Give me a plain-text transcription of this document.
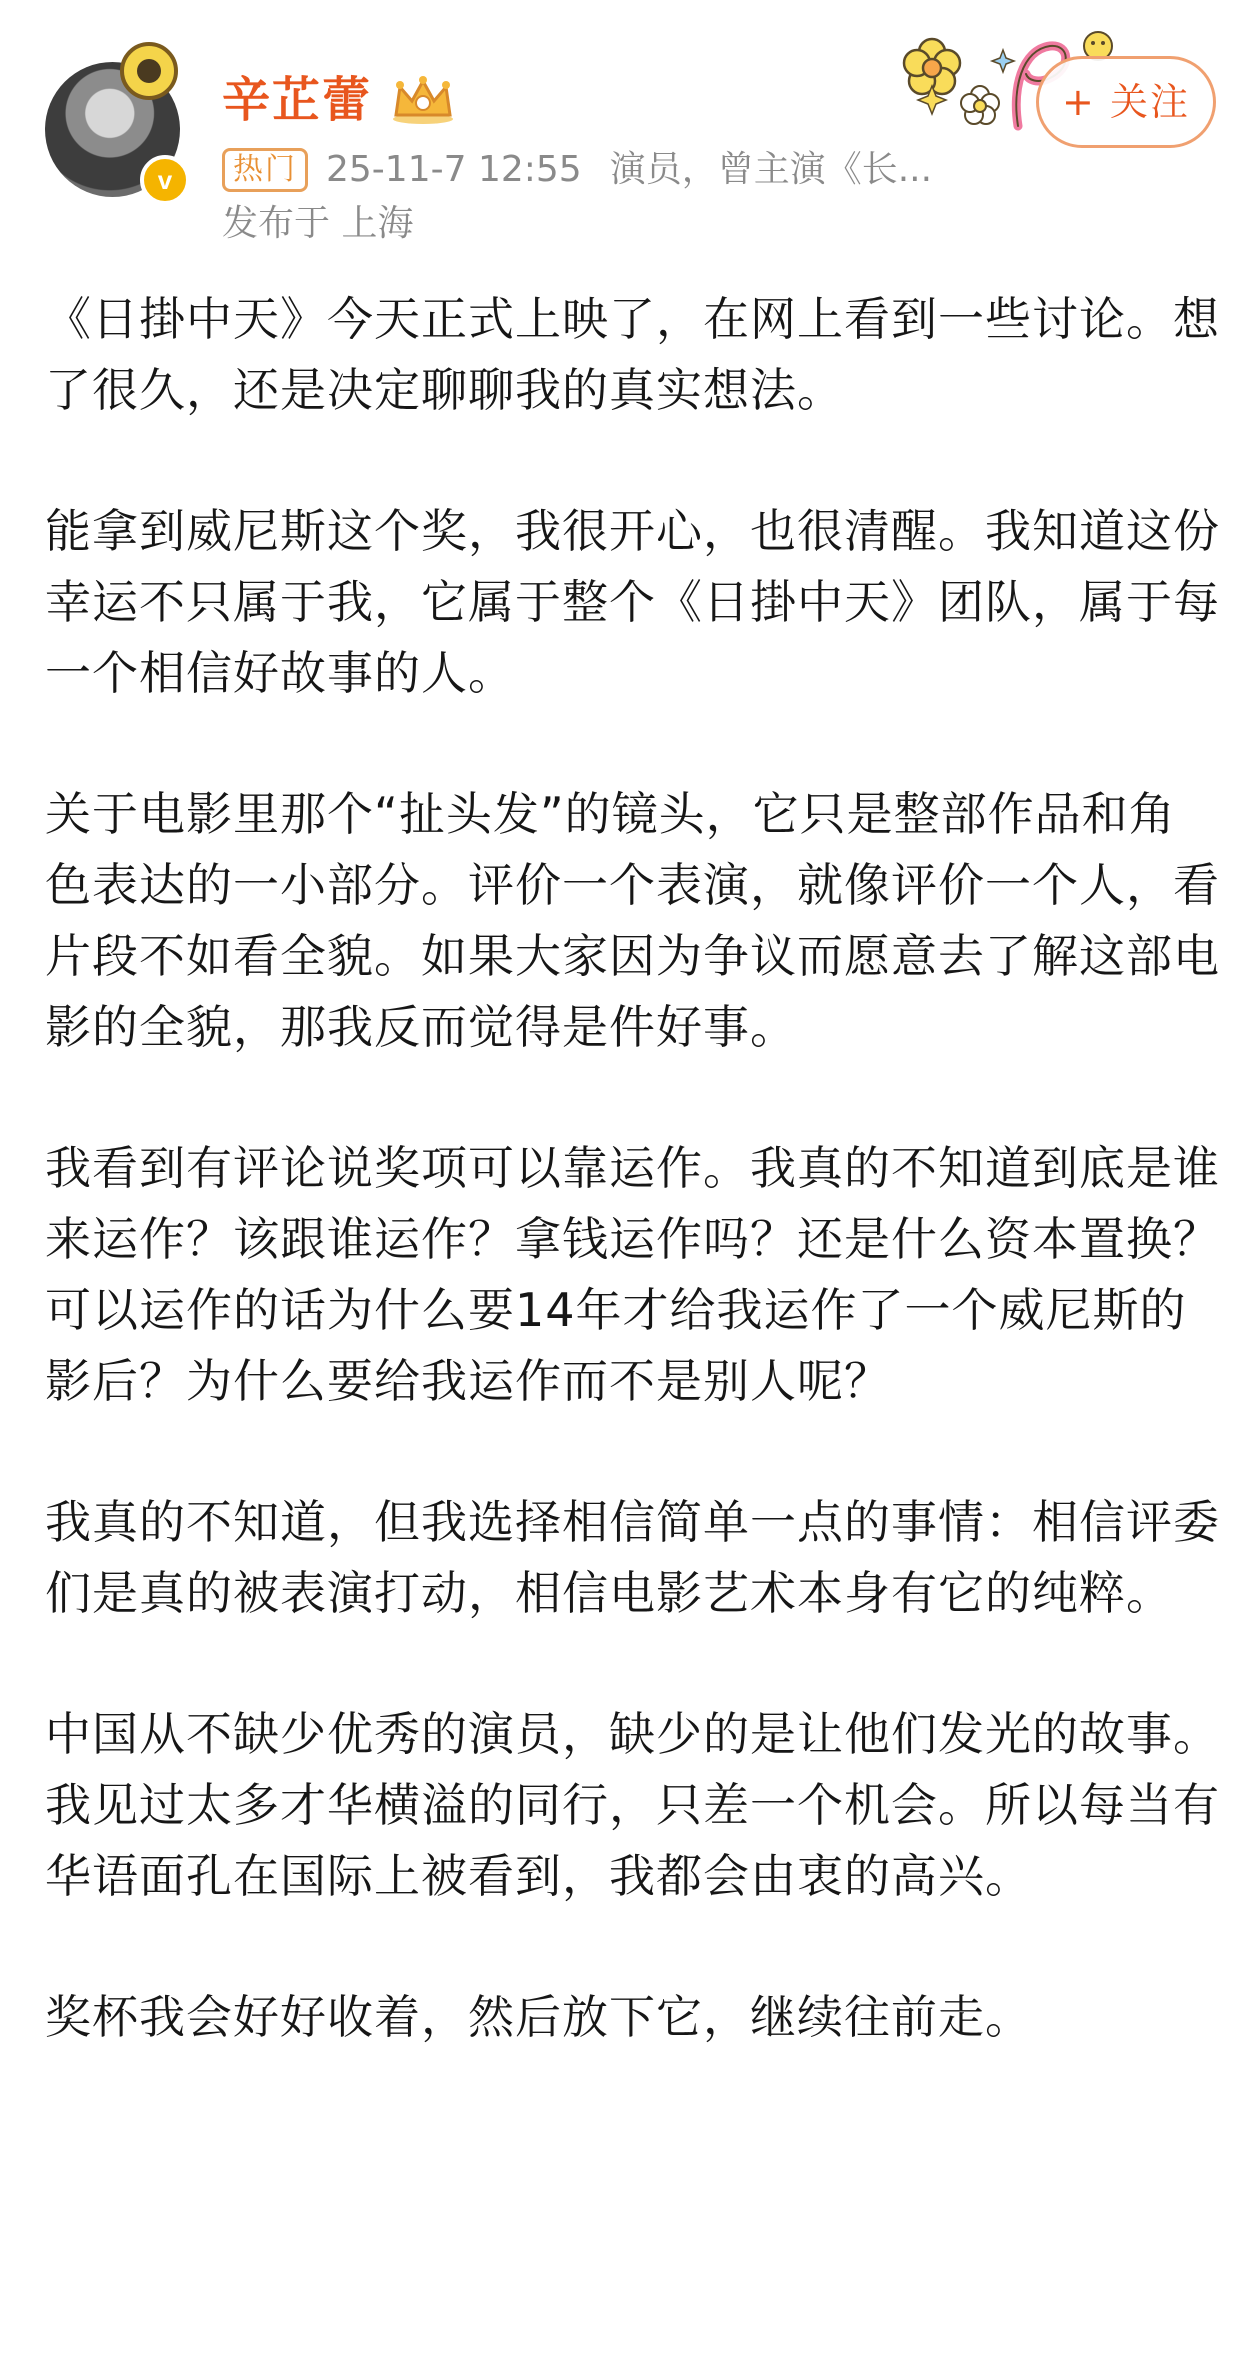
v
辛芷蕾
热门 25-11-7 12:55 演员，曾主演《长...
发布于 上海
+ 关注

《日掛中天》今天正式上映了，在网上看到一些讨论。想了很久，还是决定聊聊我的真实想法。

能拿到威尼斯这个奖，我很开心，也很清醒。我知道这份幸运不只属于我，它属于整个《日掛中天》团队，属于每一个相信好故事的人。

关于电影里那个“扯头发”的镜头，它只是整部作品和角色表达的一小部分。评价一个表演，就像评价一个人，看片段不如看全貌。如果大家因为争议而愿意去了解这部电影的全貌，那我反而觉得是件好事。

我看到有评论说奖项可以靠运作。我真的不知道到底是谁来运作？该跟谁运作？拿钱运作吗？还是什么资本置换？可以运作的话为什么要14年才给我运作了一个威尼斯的影后？为什么要给我运作而不是别人呢？

我真的不知道，但我选择相信简单一点的事情：相信评委们是真的被表演打动，相信电影艺术本身有它的纯粹。

中国从不缺少优秀的演员，缺少的是让他们发光的故事。我见过太多才华横溢的同行，只差一个机会。所以每当有华语面孔在国际上被看到，我都会由衷的高兴。

奖杯我会好好收着，然后放下它，继续往前走。
